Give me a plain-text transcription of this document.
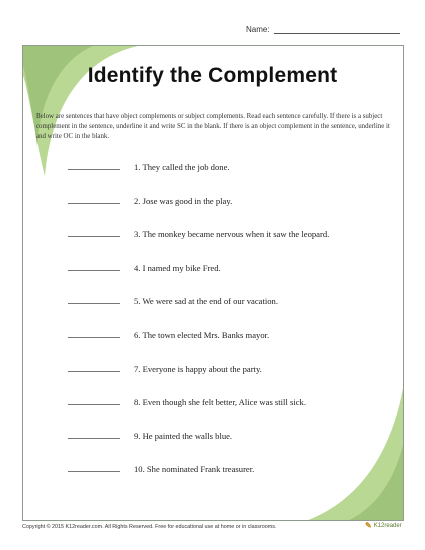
Name:
Identify the Complement
Below are sentences that have object complements or subject complements. Read each sentence carefully. If there is a subject complement in the sentence, underline it and write SC in the blank. If there is an object complement in the sentence, underline it and write OC in the blank.
1. They called the job done.
2. Jose was good in the play.
3. The monkey became nervous when it saw the leopard.
4. I named my bike Fred.
5. We were sad at the end of our vacation.
6. The town elected Mrs. Banks mayor.
7. Everyone is happy about the party.
8. Even though she felt better, Alice was still sick.
9. He painted the walls blue.
10. She nominated Frank treasurer.
Copyright © 2015 K12reader.com. All Rights Reserved. Free for educational use at home or in classrooms.	✎ K12reader
